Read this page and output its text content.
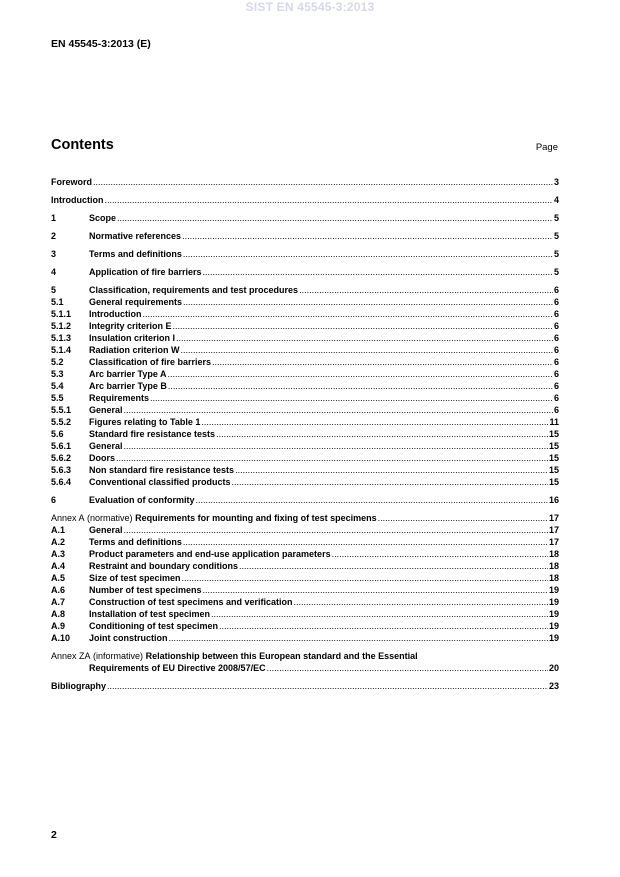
SIST EN 45545-3:2013
EN 45545-3:2013 (E)
Contents	Page
Foreword .....	3
Introduction .....	4
1	Scope .....	5
2	Normative references .....	5
3	Terms and definitions .....	5
4	Application of fire barriers .....	5
5	Classification, requirements and test procedures .....	6
5.1	General requirements .....	6
5.1.1	Introduction .....	6
5.1.2	Integrity criterion E .....	6
5.1.3	Insulation criterion I .....	6
5.1.4	Radiation criterion W .....	6
5.2	Classification of fire barriers .....	6
5.3	Arc barrier Type A .....	6
5.4	Arc barrier Type B .....	6
5.5	Requirements .....	6
5.5.1	General .....	6
5.5.2	Figures relating to Table 1 .....	11
5.6	Standard fire resistance tests .....	15
5.6.1	General .....	15
5.6.2	Doors .....	15
5.6.3	Non standard fire resistance tests .....	15
5.6.4	Conventional classified products .....	15
6	Evaluation of conformity .....	16
Annex A (normative) Requirements for mounting and fixing of test specimens .....	17
A.1	General .....	17
A.2	Terms and definitions .....	17
A.3	Product parameters and end-use application parameters .....	18
A.4	Restraint and boundary conditions .....	18
A.5	Size of test specimen .....	18
A.6	Number of test specimens .....	19
A.7	Construction of test specimens and verification .....	19
A.8	Installation of test specimen .....	19
A.9	Conditioning of test specimen .....	19
A.10	Joint construction .....	19
Annex ZA (informative) Relationship between this European standard and the Essential
Requirements of EU Directive 2008/57/EC .....	20
Bibliography .....	23
2
